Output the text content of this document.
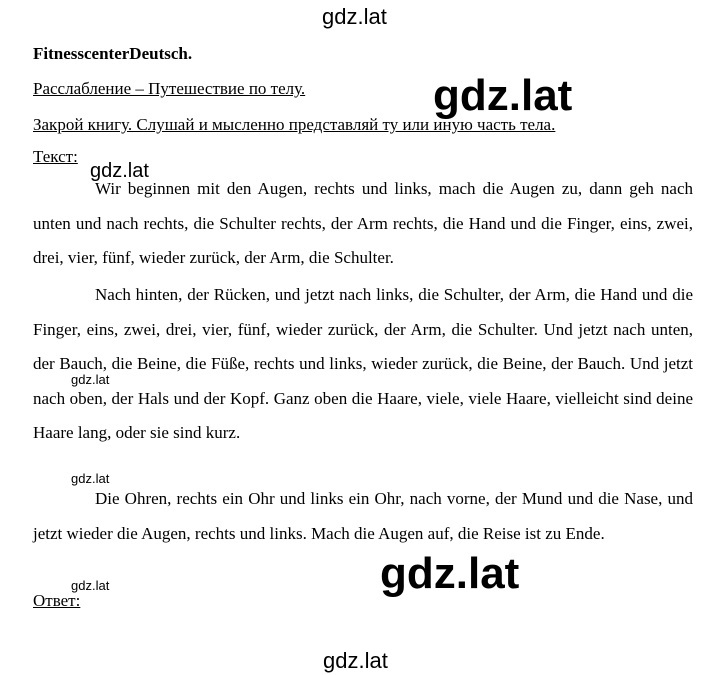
FitnesscenterDeutsch.
Расслабление – Путешествие по телу.
Закрой книгу. Слушай и мысленно представляй ту или иную часть тела.
Текст:

Wir beginnen mit den Augen, rechts und links, mach die Augen zu, dann geh nach unten und nach rechts, die Schulter rechts, der Arm rechts, die Hand und die Finger, eins, zwei, drei, vier, fünf, wieder zurück, der Arm, die Schulter.

Nach hinten, der Rücken, und jetzt nach links, die Schulter, der Arm, die Hand und die Finger, eins, zwei, drei, vier, fünf, wieder zurück, der Arm, die Schulter. Und jetzt nach unten, der Bauch, die Beine, die Füße, rechts und links, wieder zurück, die Beine, der Bauch. Und jetzt nach oben, der Hals und der Kopf. Ganz oben die Haare, viele, viele Haare, vielleicht sind deine Haare lang, oder sie sind kurz.

Die Ohren, rechts ein Ohr und links ein Ohr, nach vorne, der Mund und die Nase, und jetzt wieder die Augen, rechts und links. Mach die Augen auf, die Reise ist zu Ende.

Ответ:
gdz.lat
gdz.lat
gdz.lat
gdz.lat
gdz.lat
gdz.lat
gdz.lat
gdz.lat
